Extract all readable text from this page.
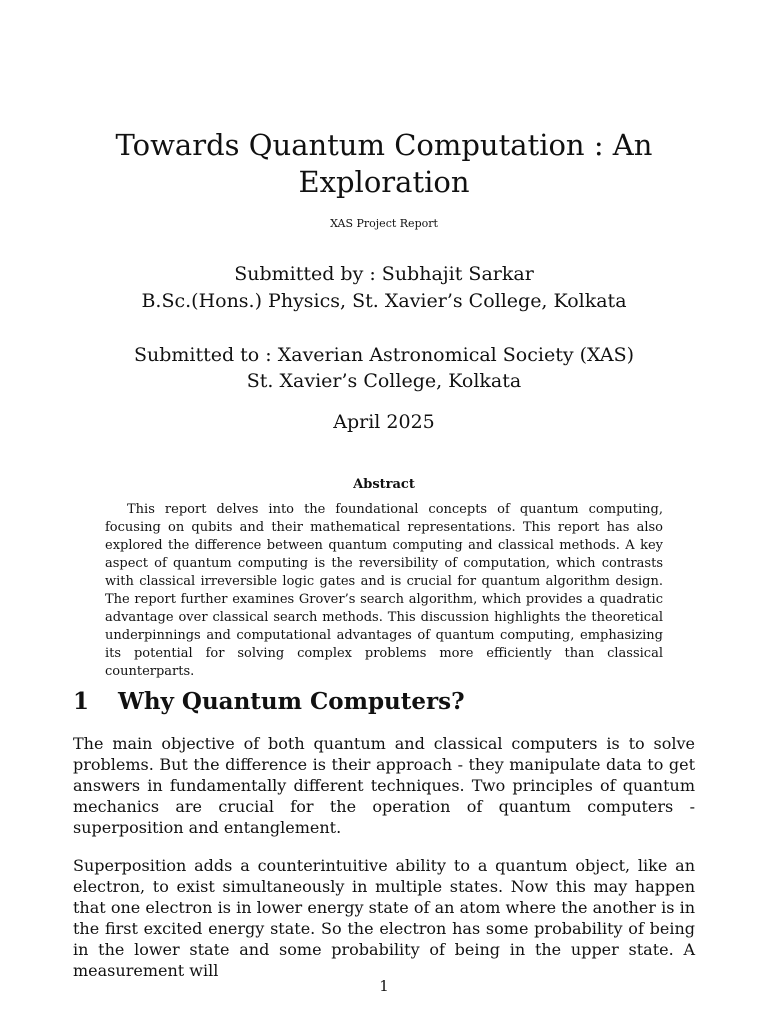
Towards Quantum Computation : An Exploration
XAS Project Report
Submitted by : Subhajit Sarkar
B.Sc.(Hons.) Physics, St. Xavier’s College, Kolkata
Submitted to : Xaverian Astronomical Society (XAS)
St. Xavier’s College, Kolkata
April 2025
Abstract

This report delves into the foundational concepts of quantum computing, focusing on qubits and their mathematical representations. This report has also explored the difference between quantum computing and classical methods. A key aspect of quantum computing is the reversibility of computation, which contrasts with classical irreversible logic gates and is crucial for quantum algorithm design. The report further examines Grover’s search algorithm, which provides a quadratic advantage over classical search methods. This discussion highlights the theoretical underpinnings and computational advantages of quantum computing, emphasizing its potential for solving complex problems more efficiently than classical counterparts.

1 Why Quantum Computers?

The main objective of both quantum and classical computers is to solve problems. But the difference is their approach - they manipulate data to get answers in fundamentally different techniques. Two principles of quantum mechanics are crucial for the operation of quantum computers - superposition and entanglement.

Superposition adds a counterintuitive ability to a quantum object, like an electron, to exist simultaneously in multiple states. Now this may happen that one electron is in lower energy state of an atom where the another is in the first excited energy state. So the electron has some probability of being in the lower state and some probability of being in the upper state. A measurement will

1
